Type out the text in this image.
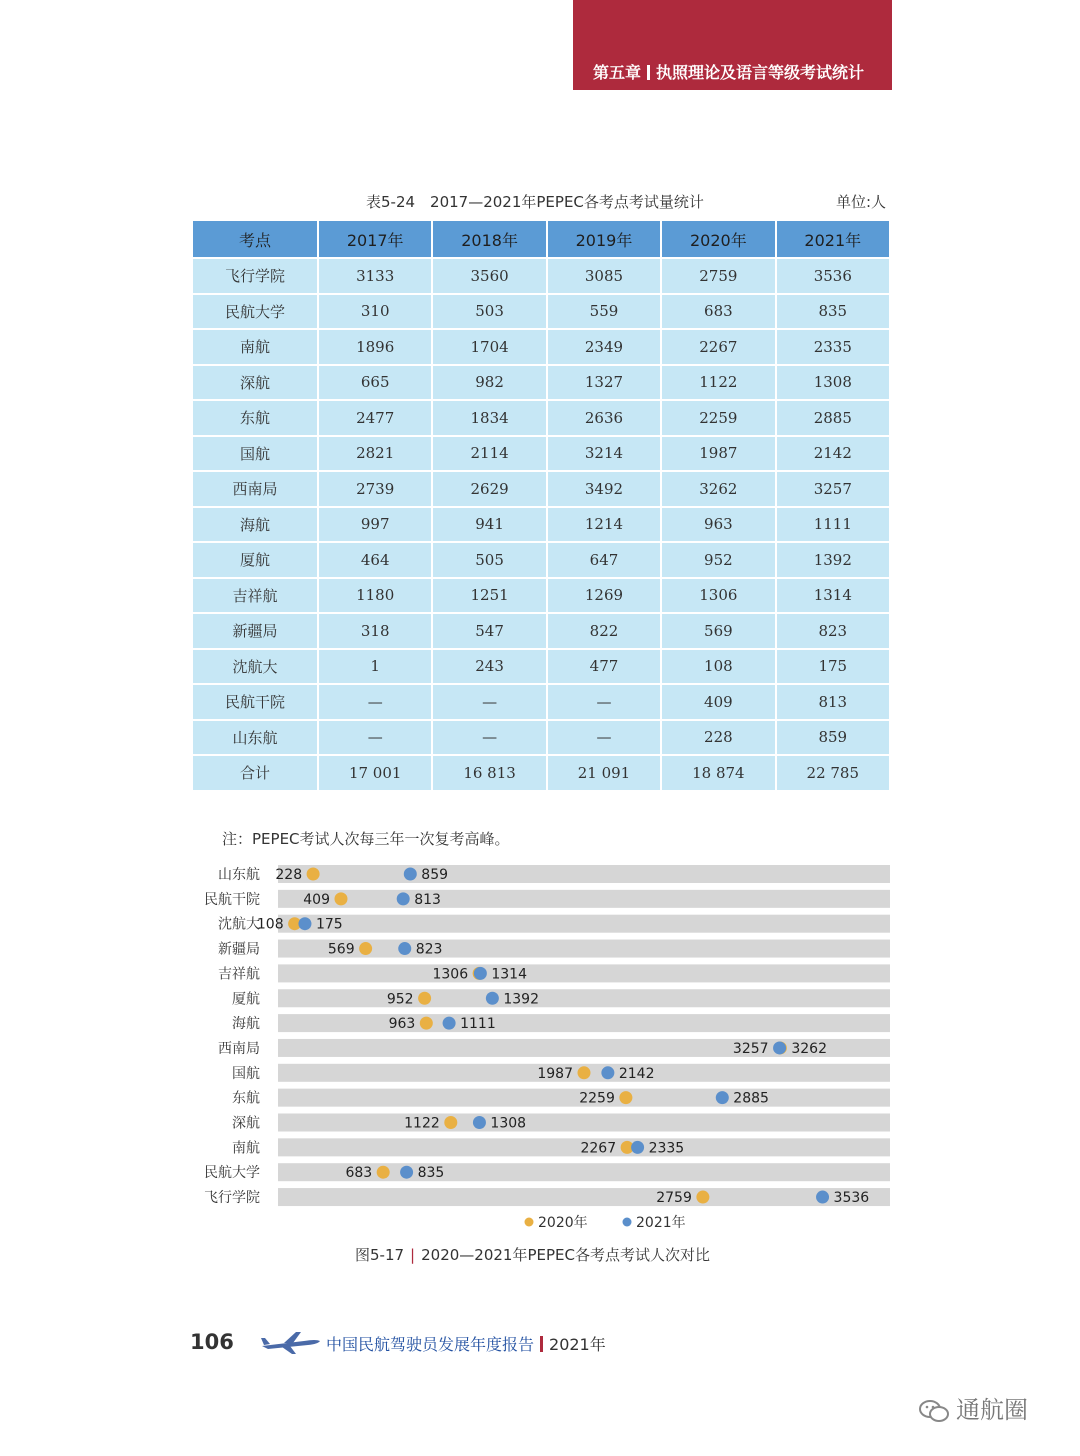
第五章 执照理论及语言等级考试统计
表5-24　2017—2021年PEPEC各考点考试量统计	单位:人
考点	2017年	2018年	2019年	2020年	2021年
飞行学院	3133	3560	3085	2759	3536
民航大学	310	503	559	683	835
南航	1896	1704	2349	2267	2335
深航	665	982	1327	1122	1308
东航	2477	1834	2636	2259	2885
国航	2821	2114	3214	1987	2142
西南局	2739	2629	3492	3262	3257
海航	997	941	1214	963	1111
厦航	464	505	647	952	1392
吉祥航	1180	1251	1269	1306	1314
新疆局	318	547	822	569	823
沈航大	1	243	477	108	175
民航干院	—	—	—	409	813
山东航	—	—	—	228	859
合计	17 001	16 813	21 091	18 874	22 785
注：PEPEC考试人次每三年一次复考高峰。
山东航 228	859
民航干院	409	813
沈航大
108 175
新疆局	569	823
吉祥航	1306 1314
厦航	952	1392
海航	963	1111
西南局	3257 3262
国航	1987	2142
东航	2259	2885
深航	1122	1308
南航	2267 2335
民航大学	683	835
飞行学院	2759	3536
2020年	2021年
图5-17 | 2020—2021年PEPEC各考点考试人次对比
106	中国民航驾驶员发展年度报告 2021年
通航圈
